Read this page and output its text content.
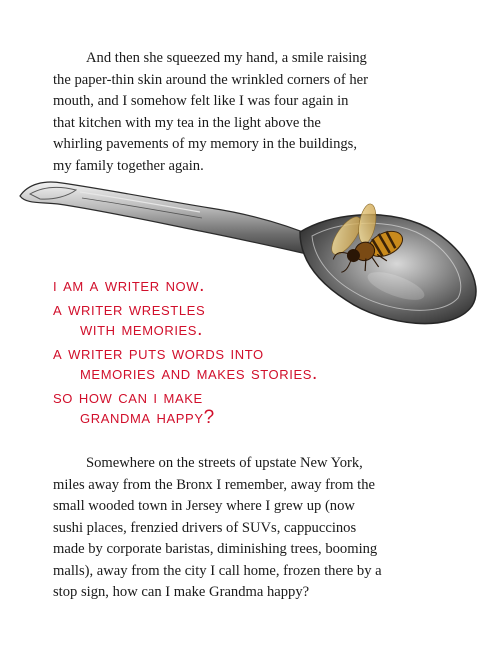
And then she squeezed my hand, a smile raising
the paper-thin skin around the wrinkled corners of her
mouth, and I somehow felt like I was four again in
that kitchen with my tea in the light above the
whirling pavements of my memory in the buildings,
my family together again.
i am a writer now.
a writer wrestles
with memories.
a writer puts words into
memories and makes stories.
so how can i make
grandma happy?
Somewhere on the streets of upstate New York,
miles away from the Bronx I remember, away from the
small wooded town in Jersey where I grew up (now
sushi places, frenzied drivers of SUVs, cappuccinos
made by corporate baristas, diminishing trees, booming
malls), away from the city I call home, frozen there by a
stop sign, how can I make Grandma happy?
